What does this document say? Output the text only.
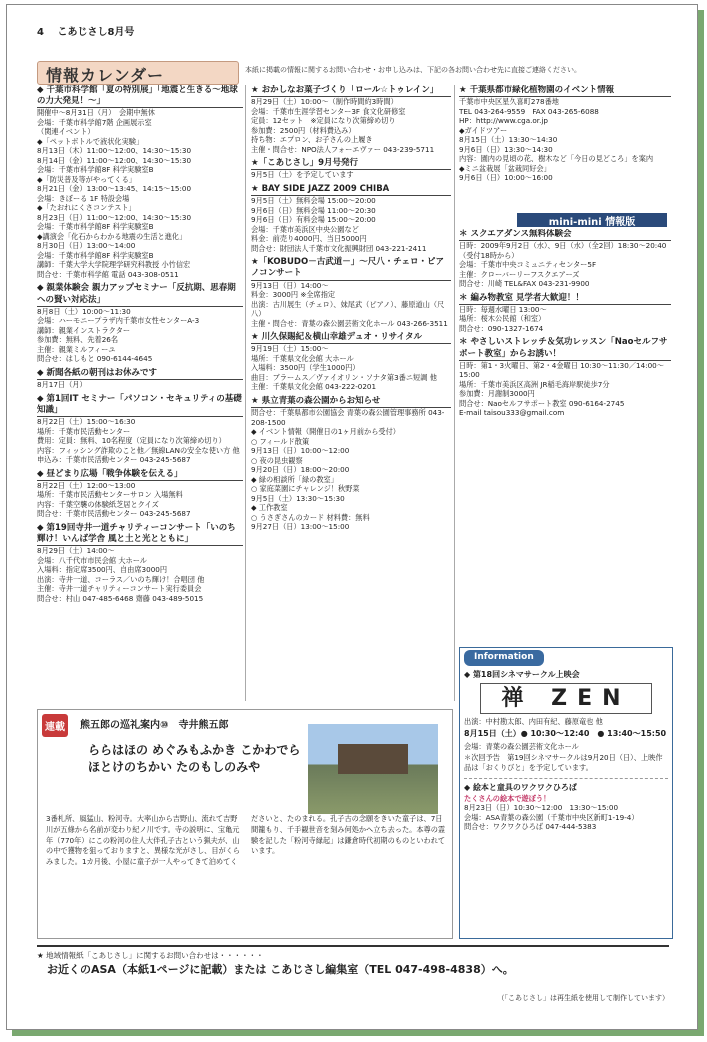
4　 こあじさし8月号
情報カレンダー	本紙に掲載の情報に関するお問い合わせ・お申し込みは、下記の各お問い合わせ先に直接ご連絡ください。
◆ 千葉市科学館「夏の特別展」「地震と生きる～地球の力大発見！～」
開催中～8月31日（月）　会期中無休
会場：千葉市科学館7階 企画展示室
（関連イベント）
◆「ペットボトルで液状化実験」
8月13日（木）11:00～12:00、14:30～15:30
8月14日（金）11:00～12:00、14:30～15:30
会場：千葉市科学館8F 科学実験室B
◆「防災普及等がやってくる」
8月21日（金）13:00～13:45、14:15～15:00
会場：きぼーる 1F 特設会場
◆「たおれにくさコンテスト」
8月23日（日）11:00～12:00、14:30～15:30
会場：千葉市科学館8F 科学実験室B
◆講演会「化石からわかる地震の生活と進化」
8月30日（日）13:00～14:00
会場：千葉市科学館8F 科学実験室B
講師：千葉大学大学院理学研究科教授 小竹信宏
問合せ：千葉市科学館 電話 043-308-0511
◆ 親業体験会 親力アップセミナー「反抗期、思春期への賢い対応法」
8月8日（土）10:00～11:30
会場：ハーモニープラザ内千葉市女性センターA-3
講師：親業インストラクター
参加費：無料、先着26名
主催：親業ミルフィーユ
問合せ：はしもと 090-6144-4645
◆ 新聞各紙の朝刊はお休みです
8月17日（月）
◆ 第1回IT セミナー「パソコン・セキュリティの基礎知識」
8月22日（土）15:00～16:30
場所：千葉市民活動センター
費用：定員：無料、10名程度（定員になり次第締め切り）
内容：フィッシング詐欺のこと他／無線LANの安全な使い方 他
申込み：千葉市民活動センター 043-245-5687
◆ 昼どまり広場「戦争体験を伝える」
8月22日（土）12:00～13:00
場所：千葉市民活動センターサロン 入場無料
内容：千葉空襲の体験紙芝居とクイズ
問合せ：千葉市民活動センター 043-245-5687
◆ 第19回寺井一道チャリティーコンサート「いのち輝け！いんば学舎 風と土と光とともに」
8月29日（土）14:00～
会場：八千代市市民会館 大ホール
入場料：指定席3500円、自由席3000円
出演：寺井一道、コーラス／いのち輝け！合唱団 他
主催：寺井一道チャリティーコンサート実行委員会
問合せ：村山 047-485-6468 齋藤 043-489-5015
★ おかしなお菓子づくり「ロール☆トゥレイン」
8月29日（土）10:00～（制作時間約3時間）
会場：千葉市生涯学習センター3F 食文化研修室
定員：12セット　※定員になり次第締め切り
参加費：2500円（材料費込み）
持ち物：エプロン、お子さんの上履き
主催・問合せ：NPO法人フォーエヴァー 043-239-5711
★「こあじさし」9月号発行
9月5日（土）を予定しています
★ BAY SIDE JAZZ 2009 CHIBA
9月5日（土）無料会場 15:00～20:00
9月6日（日）無料会場 11:00～20:30
9月6日（日）有料会場 15:00～20:00
会場：千葉市美浜区中央公園など
料金：前売り4000円、当日5000円
問合せ：財団法人千葉市文化振興財団 043-221-2411
★「KOBUDO－古武道－」～尺八・チェロ・ピアノコンサート
9月13日（日）14:00～
料金：3000円 ※全席指定
出演：古川展生（チェロ）、妹尾武（ピアノ）、藤原道山（尺八）
主催・問合せ：青葉の森公園芸術文化ホール 043-266-3511
★ 川久保賜紀＆横山幸雄デュオ・リサイタル
9月19日（土）15:00～
場所：千葉県文化会館 大ホール
入場料：3500円（学生1000円）
曲目：ブラームス／ヴァイオリン・ソナタ第3番ニ短調 他
主催：千葉県文化会館 043-222-0201
★ 県立青葉の森公園からお知らせ
問合せ：千葉県都市公園協会 青葉の森公園管理事務所 043-208-1500
◆ イベント情報（開催日の1ヶ月前から受付）
○ フィールド散策
9月13日（日）10:00～12:00
○ 夜の昆虫観察
9月20日（日）18:00～20:00
◆ 緑の相談所「緑の教室」
○ 家庭菜園にチャレンジ！秋野菜
9月5日（土）13:30～15:30
◆ 工作教室
○ うさぎさんのカード 材料費：無料
9月27日（日）13:00～15:00
★ 千葉県都市緑化植物園のイベント情報
千葉市中央区星久喜町278番地
TEL 043-264-9559　FAX 043-265-6088
HP：http://www.cga.or.jp
◆ガイドツアー
8月15日（土）13:30～14:30
9月6日（日）13:30～14:30
内容：園内の見頃の花、樹木など「今日の見どころ」を案内
◆ミニ盆栽展「盆栽同好会」
9月6日（日）10:00～16:00
mini-mini 情報版
＊ スクエアダンス無料体験会
日時：2009年9月2日（水）、9日（水）（全2回）18:30～20:40（受付18時から）
会場：千葉市中央コミュニティセンター5F
主催：クローバーリーフスクエアーズ
問合せ：川崎 TEL&FAX 043-231-9900
＊ 編み物教室 見学者大歓迎！！
日時：毎週水曜日 13:00～
場所：桜木公民館（和室）
問合せ：090-1327-1674
＊ やさしいストレッチ＆気功レッスン「Naoセルフサポート教室」からお誘い！
日時：第1・3火曜日、第2・4金曜日 10:30～11:30／14:00～15:00
場所：千葉市美浜区高洲 JR稲毛海岸駅徒歩7分
参加費：月謝制3000円
問合せ：Naoセルフサポート教室 090-6164-2745
E-mail taisou333@gmail.com
Information
◆ 第18回シネマサークル上映会
禅 ZEN
出演：中村勘太郎、内田有紀、藤原竜也 他
8月15日（土）● 10:30～12:40　● 13:40～15:50
会場：青葉の森公園芸術文化ホール
＊次回予告　第19回シネマサークルは9月20日（日）、上映作品は「おくりびと」を予定しています。
◆ 絵本と童具のワクワクひろば
たくさんの絵本で遊ぼう！
8月23日（日）10:30～12:00　13:30～15:00
会場：ASA青葉の森公園（千葉市中央区新町1-19-4）
問合せ：ワクワクひろば 047-444-5383
連載	熊五郎の巡礼案内⑩　寺井熊五郎
ららはほの めぐみもふかき こかわでら ほとけのちかい たのもしのみや
3番札所、風猛山、粉河寺。大率山から吉野山、流れて吉野川が五條から名前が変わり紀ノ川です。寺の説明に、宝亀元年（770年）にこの粉河の住人大伴孔子古という猟夫が、山の中で獲物を狙っておりますと、異様な光がさし、目がくらみました。1カ月後、小屋に童子が一人やってきて泊めてくださいと、たのまれる。孔子古の念願をきいた童子は、7日間籠もり、千手観世音を刻み何処かへ立ち去った。本尊の霊験を記した「粉河寺縁起」は鎌倉時代初期のものといわれています。
★ 地域情報紙「こあじさし」に関するお問い合わせは・・・・・・
お近くのASA（本紙1ページに記載）または こあじさし編集室（TEL 047-498-4838）へ。
（「こあじさし」は再生紙を使用して制作しています）
